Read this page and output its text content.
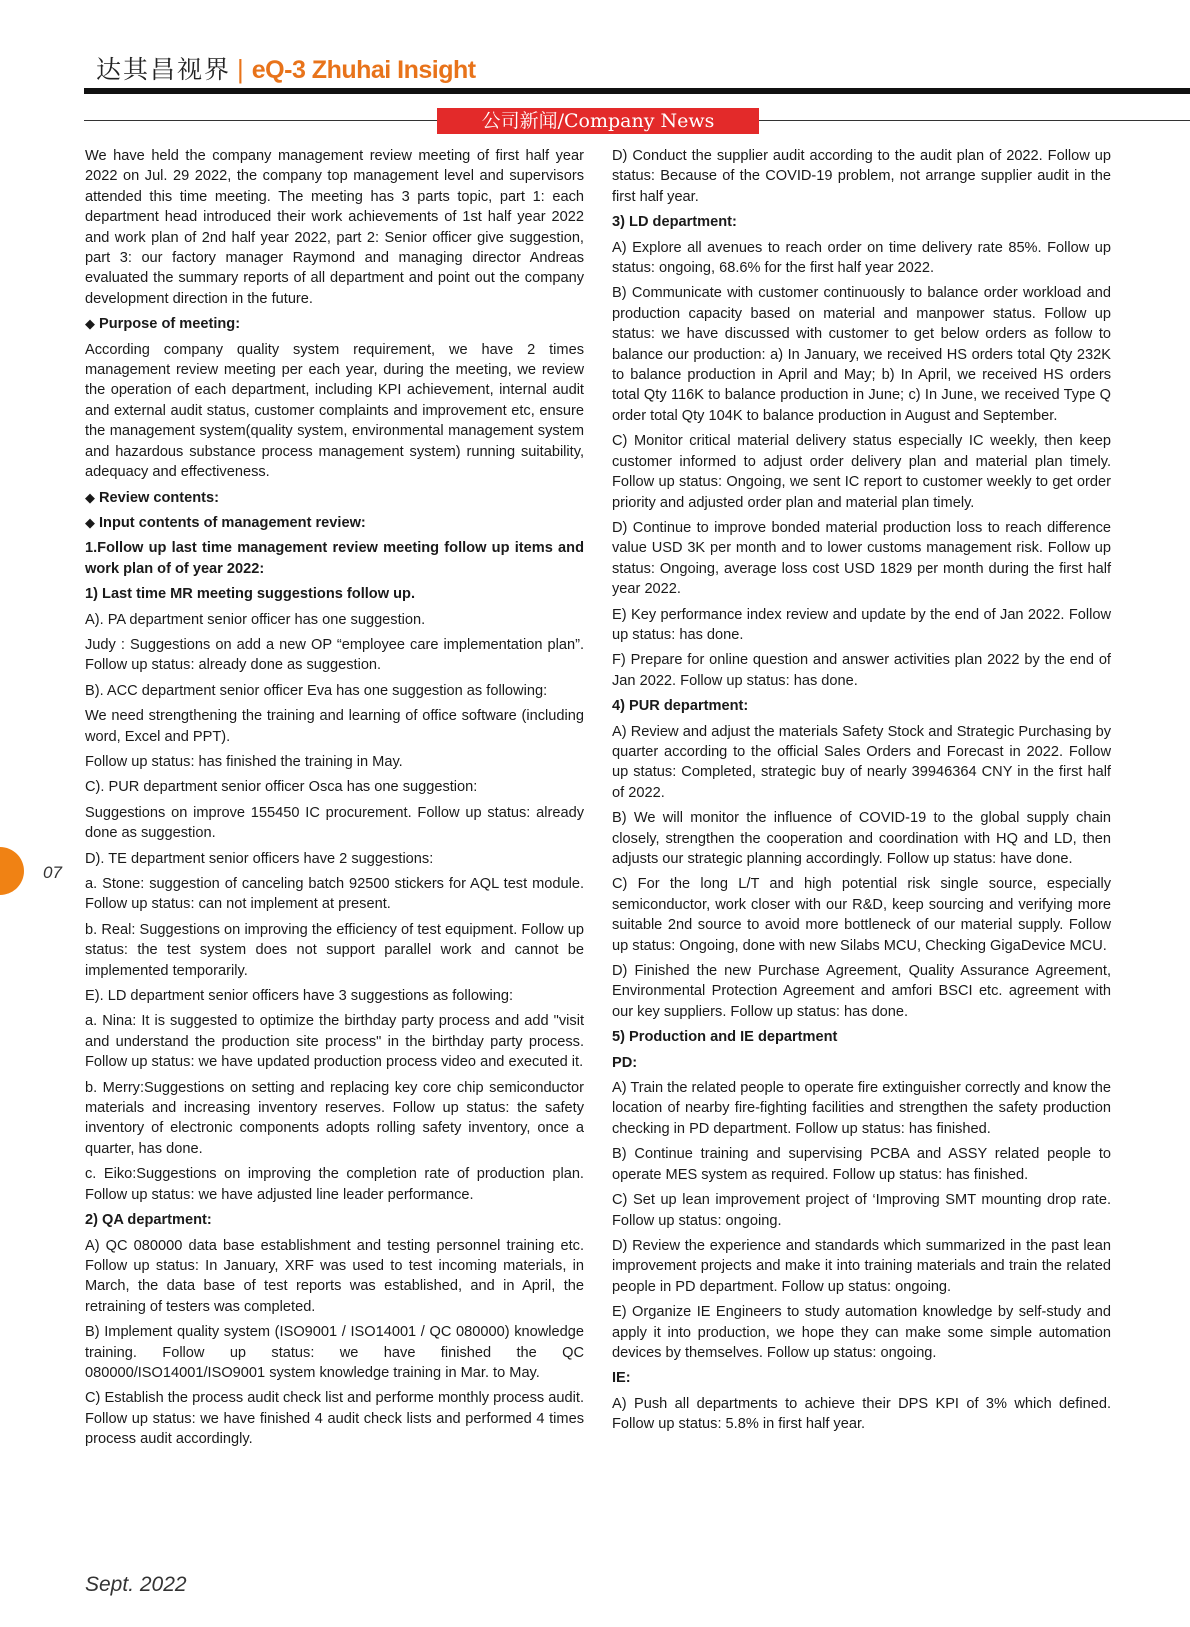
达其昌视界 | eQ-3 Zhuhai Insight
公司新闻/Company News

We have held the company management review meeting of first half year 2022 on Jul. 29 2022, the company top management level and supervisors attended this time meeting. The meeting has 3 parts topic, part 1: each department head introduced their work achievements of 1st half year 2022 and work plan of 2nd half year 2022, part 2: Senior officer give suggestion, part 3: our factory manager Raymond and managing director Andreas evaluated the summary reports of all department and point out the company development direction in the future.

◆ Purpose of meeting:

According company quality system requirement, we have 2 times management review meeting per each year, during the meeting, we review the operation of each department, including KPI achievement, internal audit and external audit status, customer complaints and improvement etc, ensure the management system(quality system, environmental management system and hazardous substance process management system) running suitability, adequacy and effectiveness.

◆ Review contents:

◆ Input contents of management review:

1.Follow up last time management review meeting follow up items and work plan of of year 2022:

1) Last time MR meeting suggestions follow up.

A). PA department senior officer has one suggestion.

Judy : Suggestions on add a new OP “employee care implementation plan”. Follow up status: already done as suggestion.

B). ACC department senior officer Eva has one suggestion as following:

We need strengthening the training and learning of office software (including word, Excel and PPT).

Follow up status: has finished the training in May.

C). PUR department senior officer Osca has one suggestion:

Suggestions on improve 155450 IC procurement. Follow up status: already done as suggestion.

D). TE department senior officers have 2 suggestions:

a. Stone: suggestion of canceling batch 92500 stickers for AQL test module. Follow up status: can not implement at present.

b. Real: Suggestions on improving the efficiency of test equipment. Follow up status: the test system does not support parallel work and cannot be implemented temporarily.

E). LD department senior officers have 3 suggestions as following:

a. Nina: It is suggested to optimize the birthday party process and add "visit and understand the production site process" in the birthday party process. Follow up status: we have updated production process video and executed it.

b. Merry:Suggestions on setting and replacing key core chip semiconductor materials and increasing inventory reserves. Follow up status: the safety inventory of electronic components adopts rolling safety inventory, once a quarter, has done.

c. Eiko:Suggestions on improving the completion rate of production plan. Follow up status: we have adjusted line leader performance.

2) QA department:

A) QC 080000 data base establishment and testing personnel training etc. Follow up status: In January, XRF was used to test incoming materials, in March, the data base of test reports was established, and in April, the retraining of testers was completed.

B) Implement quality system (ISO9001 / ISO14001 / QC 080000) knowledge training. Follow up status: we have finished the QC 080000/ISO14001/ISO9001 system knowledge training in Mar. to May.

C) Establish the process audit check list and performe monthly process audit. Follow up status: we have finished 4 audit check lists and performed 4 times process audit accordingly.

D) Conduct the supplier audit according to the audit plan of 2022. Follow up status: Because of the COVID-19 problem, not arrange supplier audit in the first half year.

3) LD department:

A) Explore all avenues to reach order on time delivery rate 85%. Follow up status: ongoing, 68.6% for the first half year 2022.

B) Communicate with customer continuously to balance order workload and production capacity based on material and manpower status. Follow up status: we have discussed with customer to get below orders as follow to balance our production: a) In January, we received HS orders total Qty 232K to balance production in April and May; b) In April, we received HS orders total Qty 116K to balance production in June; c) In June, we received Type Q order total Qty 104K to balance production in August and September.

C) Monitor critical material delivery status especially IC weekly, then keep customer informed to adjust order delivery plan and material plan timely. Follow up status: Ongoing, we sent IC report to customer weekly to get order priority and adjusted order plan and material plan timely.

D) Continue to improve bonded material production loss to reach difference value USD 3K per month and to lower customs management risk. Follow up status: Ongoing, average loss cost USD 1829 per month during the first half year 2022.

E) Key performance index review and update by the end of Jan 2022. Follow up status: has done.

F) Prepare for online question and answer activities plan 2022 by the end of Jan 2022. Follow up status: has done.

4) PUR department:

A) Review and adjust the materials Safety Stock and Strategic Purchasing by quarter according to the official Sales Orders and Forecast in 2022. Follow up status: Completed, strategic buy of nearly 39946364 CNY in the first half of 2022.

B) We will monitor the influence of COVID-19 to the global supply chain closely, strengthen the cooperation and coordination with HQ and LD, then adjusts our strategic planning accordingly. Follow up status: have done.

C) For the long L/T and high potential risk single source, especially semiconductor, work closer with our R&D, keep sourcing and verifying more suitable 2nd source to avoid more bottleneck of our material supply. Follow up status: Ongoing, done with new Silabs MCU, Checking GigaDevice MCU.

D) Finished the new Purchase Agreement, Quality Assurance Agreement, Environmental Protection Agreement and amfori BSCI etc. agreement with our key suppliers. Follow up status: has done.

5) Production and IE department

PD:

A) Train the related people to operate fire extinguisher correctly and know the location of nearby fire-fighting facilities and strengthen the safety production checking in PD department. Follow up status: has finished.

B) Continue training and supervising PCBA and ASSY related people to operate MES system as required. Follow up status: has finished.

C) Set up lean improvement project of ‘Improving SMT mounting drop rate. Follow up status: ongoing.

D) Review the experience and standards which summarized in the past lean improvement projects and make it into training materials and train the related people in PD department. Follow up status: ongoing.

E) Organize IE Engineers to study automation knowledge by self-study and apply it into production, we hope they can make some simple automation devices by themselves. Follow up status: ongoing.

IE:

A) Push all departments to achieve their DPS KPI of 3% which defined. Follow up status: 5.8% in first half year.

07
Sept. 2022
